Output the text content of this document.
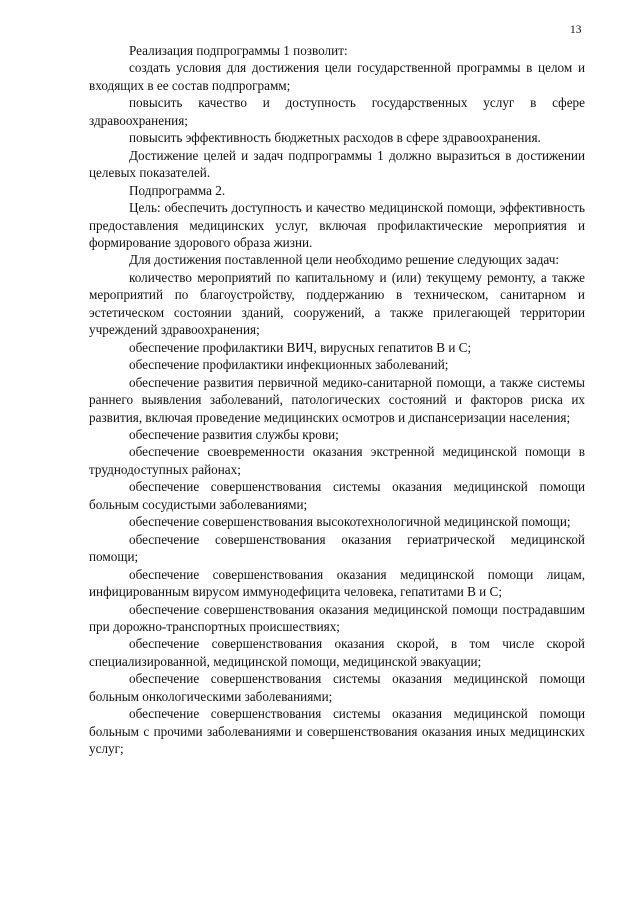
13

Реализация подпрограммы 1 позволит:

создать условия для достижения цели государственной программы в целом и входящих в ее состав подпрограмм;

повысить качество и доступность государственных услуг в сфере здравоохранения;

повысить эффективность бюджетных расходов в сфере здравоохранения.

Достижение целей и задач подпрограммы 1 должно выразиться в достижении целевых показателей.

Подпрограмма 2.

Цель: обеспечить доступность и качество медицинской помощи, эффективность предоставления медицинских услуг, включая профилактические мероприятия и формирование здорового образа жизни.

Для достижения поставленной цели необходимо решение следующих задач:

количество мероприятий по капитальному и (или) текущему ремонту, а также мероприятий по благоустройству, поддержанию в техническом, санитарном и эстетическом состоянии зданий, сооружений, а также прилегающей территории учреждений здравоохранения;

обеспечение профилактики ВИЧ, вирусных гепатитов В и С;

обеспечение профилактики инфекционных заболеваний;

обеспечение развития первичной медико-санитарной помощи, а также системы раннего выявления заболеваний, патологических состояний и факторов риска их развития, включая проведение медицинских осмотров и диспансеризации населения;

обеспечение развития службы крови;

обеспечение своевременности оказания экстренной медицинской помощи в труднодоступных районах;

обеспечение совершенствования системы оказания медицинской помощи больным сосудистыми заболеваниями;

обеспечение совершенствования высокотехнологичной медицинской помощи;

обеспечение совершенствования оказания гериатрической медицинской помощи;

обеспечение совершенствования оказания медицинской помощи лицам, инфицированным вирусом иммунодефицита человека, гепатитами В и С;

обеспечение совершенствования оказания медицинской помощи пострадавшим при дорожно-транспортных происшествиях;

обеспечение совершенствования оказания скорой, в том числе скорой специализированной, медицинской помощи, медицинской эвакуации;

обеспечение совершенствования системы оказания медицинской помощи больным онкологическими заболеваниями;

обеспечение совершенствования системы оказания медицинской помощи больным с прочими заболеваниями и совершенствования оказания иных медицинских услуг;
